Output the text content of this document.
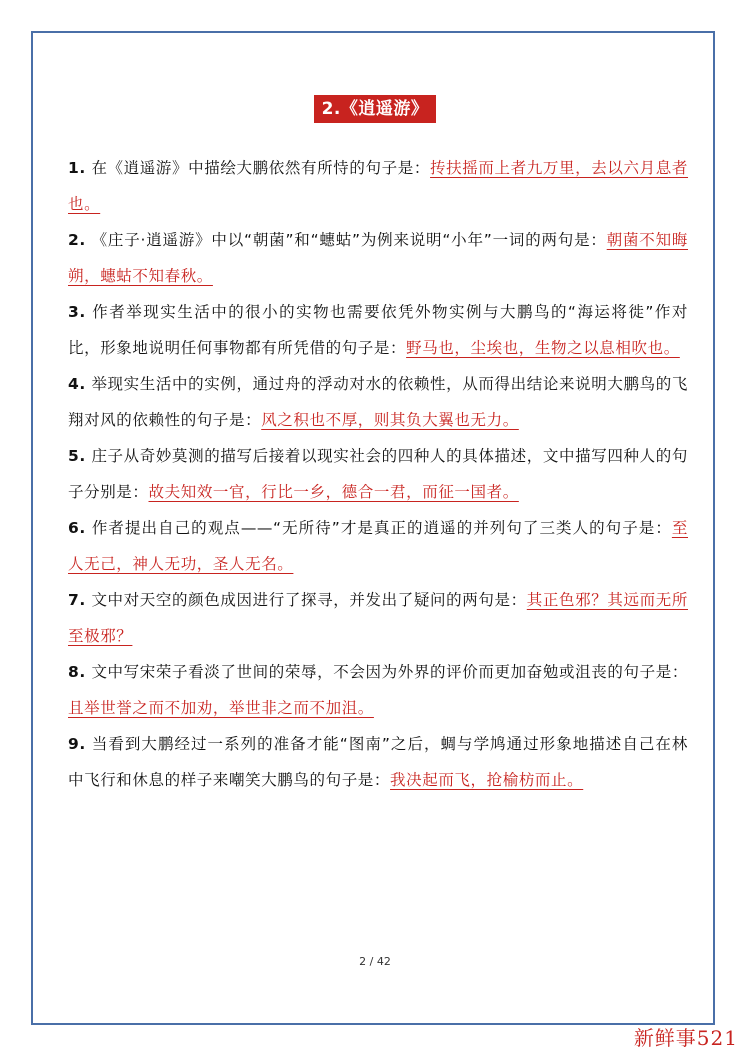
2.《逍遥游》

1. 在《逍遥游》中描绘大鹏依然有所恃的句子是：抟扶摇而上者九万里，去以六月息者也。

2. 《庄子·逍遥游》中以“朝菌”和“蟪蛄”为例来说明“小年”一词的两句是：朝菌不知晦朔，蟪蛄不知春秋。

3. 作者举现实生活中的很小的实物也需要依凭外物实例与大鹏鸟的“海运将徙”作对比，形象地说明任何事物都有所凭借的句子是：野马也，尘埃也，生物之以息相吹也。

4. 举现实生活中的实例，通过舟的浮动对水的依赖性，从而得出结论来说明大鹏鸟的飞翔对风的依赖性的句子是：风之积也不厚，则其负大翼也无力。

5. 庄子从奇妙莫测的描写后接着以现实社会的四种人的具体描述，文中描写四种人的句子分别是：故夫知效一官，行比一乡，德合一君，而征一国者。

6. 作者提出自己的观点——“无所待”才是真正的逍遥的并列句了三类人的句子是：至人无己，神人无功，圣人无名。

7. 文中对天空的颜色成因进行了探寻，并发出了疑问的两句是：其正色邪？其远而无所至极邪？

8. 文中写宋荣子看淡了世间的荣辱，不会因为外界的评价而更加奋勉或沮丧的句子是：且举世誉之而不加劝，举世非之而不加沮。

9. 当看到大鹏经过一系列的准备才能“图南”之后，蜩与学鸠通过形象地描述自己在林中飞行和休息的样子来嘲笑大鹏鸟的句子是：我决起而飞，抢榆枋而止。

2 / 42
新鲜事521
